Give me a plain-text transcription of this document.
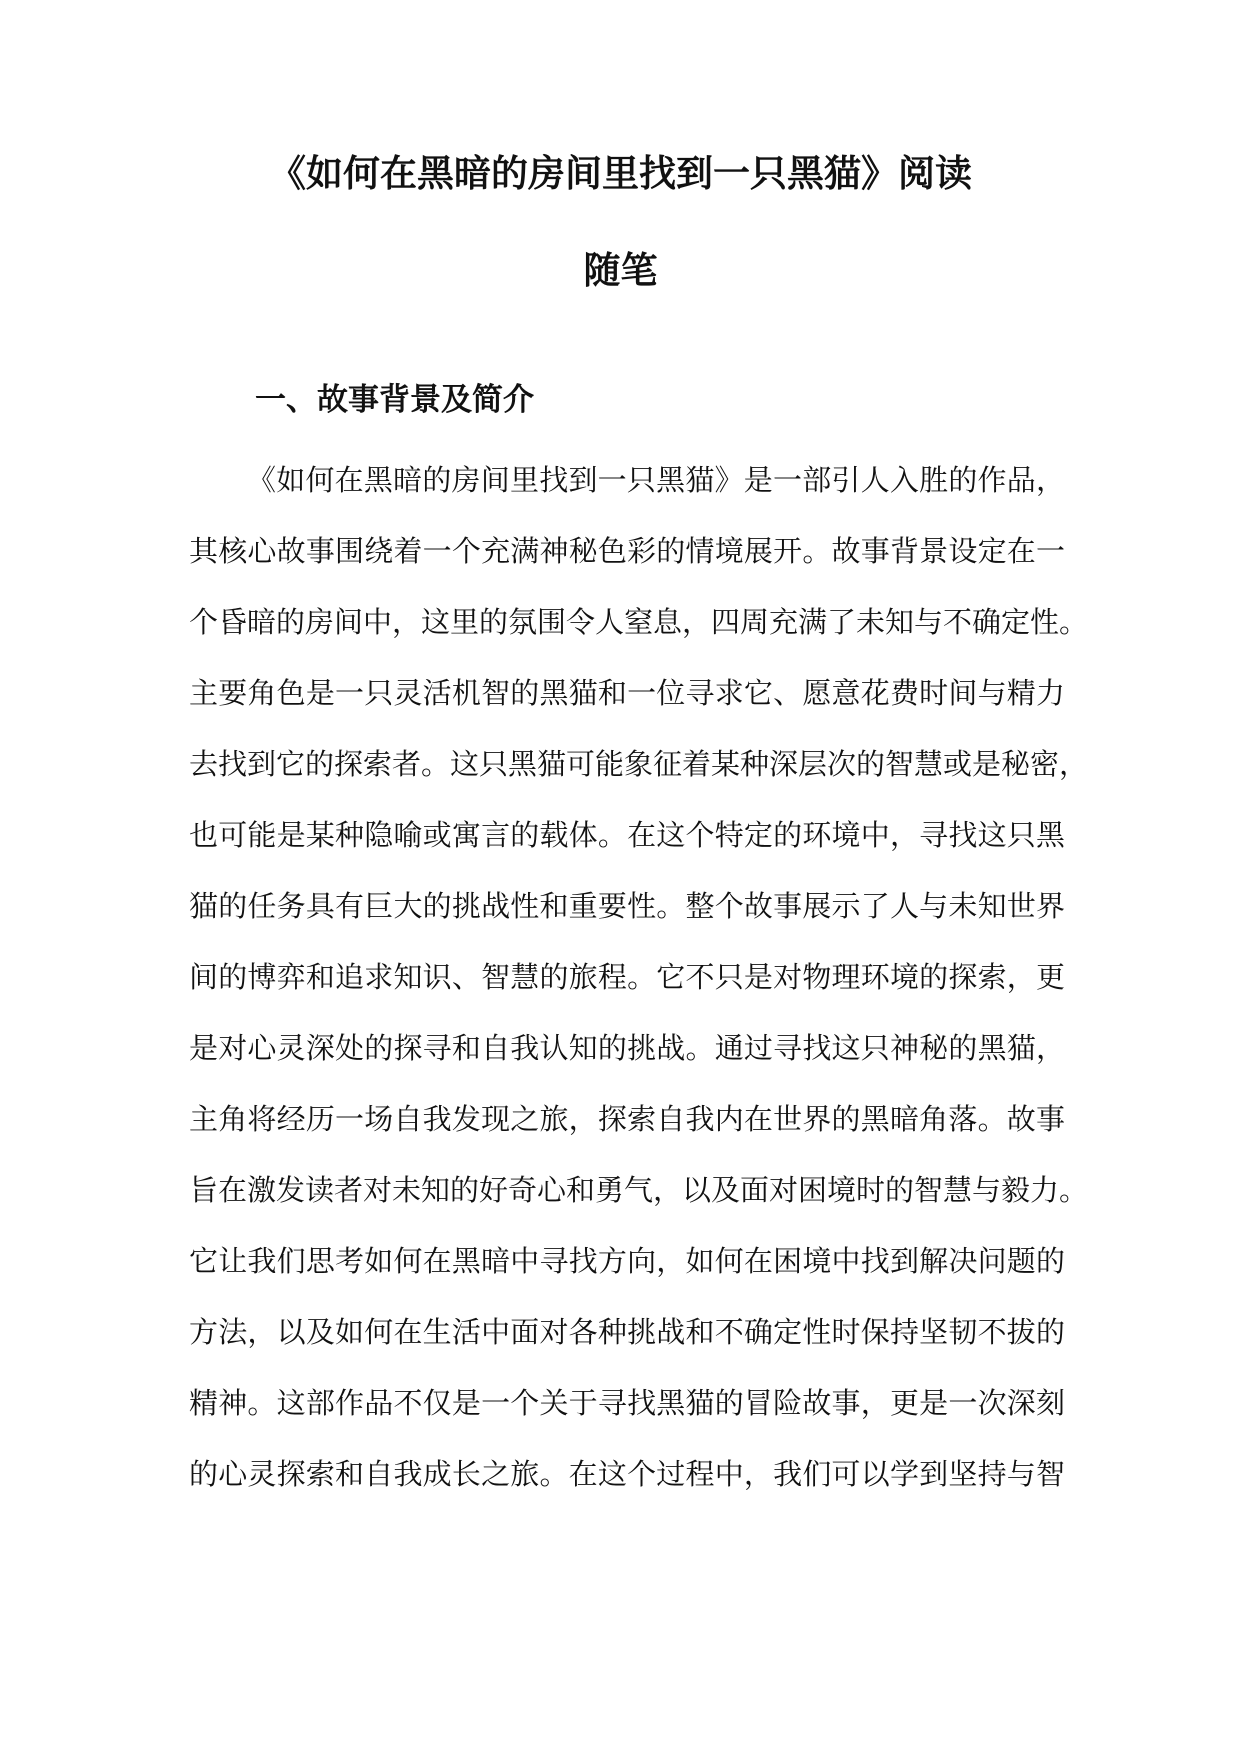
《如何在黑暗的房间里找到一只黑猫》阅读
随笔
一、故事背景及简介

《如何在黑暗的房间里找到一只黑猫》是一部引人入胜的作品，

其核心故事围绕着一个充满神秘色彩的情境展开。故事背景设定在一

个昏暗的房间中，这里的氛围令人窒息，四周充满了未知与不确定性。

主要角色是一只灵活机智的黑猫和一位寻求它、愿意花费时间与精力

去找到它的探索者。这只黑猫可能象征着某种深层次的智慧或是秘密，

也可能是某种隐喻或寓言的载体。在这个特定的环境中，寻找这只黑

猫的任务具有巨大的挑战性和重要性。整个故事展示了人与未知世界

间的博弈和追求知识、智慧的旅程。它不只是对物理环境的探索，更

是对心灵深处的探寻和自我认知的挑战。通过寻找这只神秘的黑猫，

主角将经历一场自我发现之旅，探索自我内在世界的黑暗角落。故事

旨在激发读者对未知的好奇心和勇气，以及面对困境时的智慧与毅力。

它让我们思考如何在黑暗中寻找方向，如何在困境中找到解决问题的

方法，以及如何在生活中面对各种挑战和不确定性时保持坚韧不拔的

精神。这部作品不仅是一个关于寻找黑猫的冒险故事，更是一次深刻

的心灵探索和自我成长之旅。在这个过程中，我们可以学到坚持与智
